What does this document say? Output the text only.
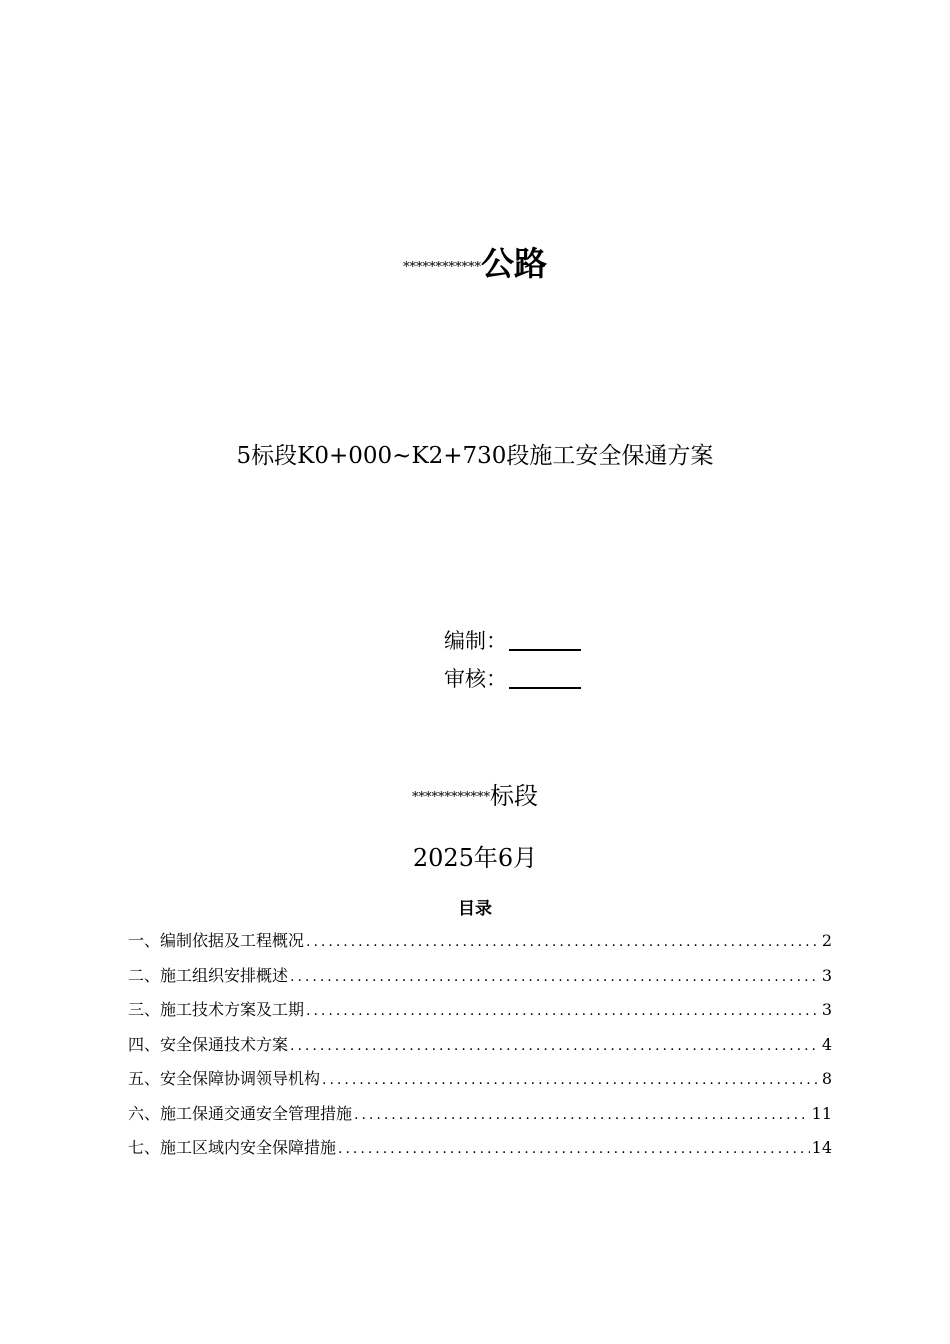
************公路
5标段K0+000~K2+730段施工安全保通方案
编制：
审核：
************标段
2025年6月
目录
一、编制依据及工程概况 .....	2
二、施工组织安排概述 .....	3
三、施工技术方案及工期 .....	3
四、安全保通技术方案 .....	4
五、安全保障协调领导机构 .....	8
六、施工保通交通安全管理措施 .....	11
七、施工区域内安全保障措施 .....	14
